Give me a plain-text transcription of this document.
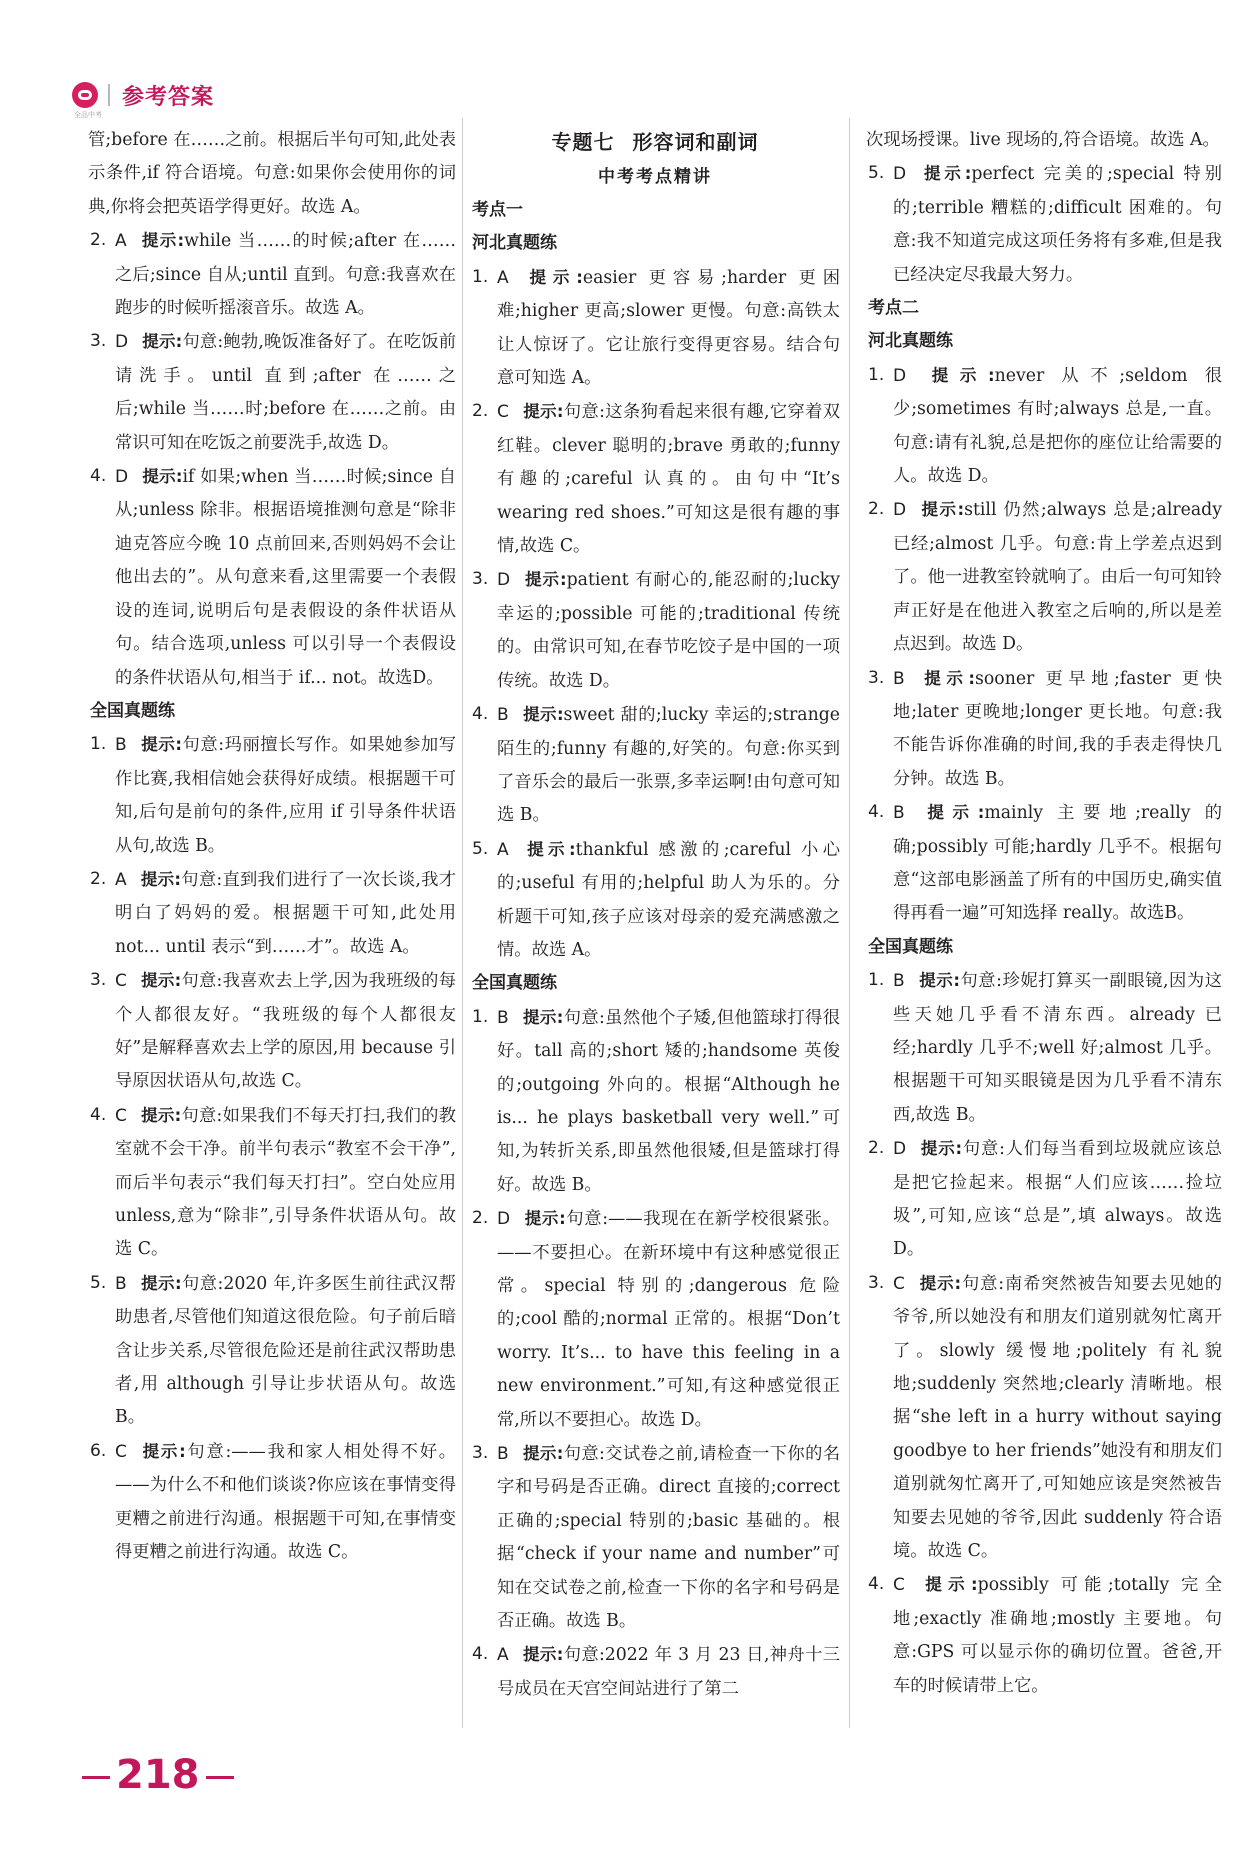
全品中考
参考答案
管;before 在……之前。根据后半句可知,此处表示条件,if 符合语境。句意:如果你会使用你的词典,你将会把英语学得更好。故选 A。
2. A 提示:while 当……的时候;after 在……之后;since 自从;until 直到。句意:我喜欢在跑步的时候听摇滚音乐。故选 A。
3. D 提示:句意:鲍勃,晚饭准备好了。在吃饭前请洗手。until 直到;after 在……之后;while 当……时;before 在……之前。由常识可知在吃饭之前要洗手,故选 D。
4. D 提示:if 如果;when 当……时候;since 自从;unless 除非。根据语境推测句意是“除非迪克答应今晚 10 点前回来,否则妈妈不会让他出去的”。从句意来看,这里需要一个表假设的连词,说明后句是表假设的条件状语从句。结合选项,unless 可以引导一个表假设的条件状语从句,相当于 if... not。故选D。
全国真题练
1. B 提示:句意:玛丽擅长写作。如果她参加写作比赛,我相信她会获得好成绩。根据题干可知,后句是前句的条件,应用 if 引导条件状语从句,故选 B。
2. A 提示:句意:直到我们进行了一次长谈,我才明白了妈妈的爱。根据题干可知,此处用 not... until 表示“到……才”。故选 A。
3. C 提示:句意:我喜欢去上学,因为我班级的每个人都很友好。“我班级的每个人都很友好”是解释喜欢去上学的原因,用 because 引导原因状语从句,故选 C。
4. C 提示:句意:如果我们不每天打扫,我们的教室就不会干净。前半句表示“教室不会干净”,而后半句表示“我们每天打扫”。空白处应用 unless,意为“除非”,引导条件状语从句。故选 C。
5. B 提示:句意:2020 年,许多医生前往武汉帮助患者,尽管他们知道这很危险。句子前后暗含让步关系,尽管很危险还是前往武汉帮助患者,用 although 引导让步状语从句。故选 B。
6. C 提示:句意:——我和家人相处得不好。——为什么不和他们谈谈?你应该在事情变得更糟之前进行沟通。根据题干可知,在事情变得更糟之前进行沟通。故选 C。
专题七 形容词和副词
中考考点精讲
考点一
河北真题练
1. A 提示:easier 更容易;harder 更困难;higher 更高;slower 更慢。句意:高铁太让人惊讶了。它让旅行变得更容易。结合句意可知选 A。
2. C 提示:句意:这条狗看起来很有趣,它穿着双红鞋。clever 聪明的;brave 勇敢的;funny 有趣的;careful 认真的。由句中“It’s wearing red shoes.”可知这是很有趣的事情,故选 C。
3. D 提示:patient 有耐心的,能忍耐的;lucky 幸运的;possible 可能的;traditional 传统的。由常识可知,在春节吃饺子是中国的一项传统。故选 D。
4. B 提示:sweet 甜的;lucky 幸运的;strange 陌生的;funny 有趣的,好笑的。句意:你买到了音乐会的最后一张票,多幸运啊!由句意可知选 B。
5. A 提示:thankful 感激的;careful 小心的;useful 有用的;helpful 助人为乐的。分析题干可知,孩子应该对母亲的爱充满感激之情。故选 A。
全国真题练
1. B 提示:句意:虽然他个子矮,但他篮球打得很好。tall 高的;short 矮的;handsome 英俊的;outgoing 外向的。根据“Although he is... he plays basketball very well.”可知,为转折关系,即虽然他很矮,但是篮球打得好。故选 B。
2. D 提示:句意:——我现在在新学校很紧张。——不要担心。在新环境中有这种感觉很正常。special 特别的;dangerous 危险的;cool 酷的;normal 正常的。根据“Don’t worry. It’s... to have this feeling in a new environment.”可知,有这种感觉很正常,所以不要担心。故选 D。
3. B 提示:句意:交试卷之前,请检查一下你的名字和号码是否正确。direct 直接的;correct 正确的;special 特别的;basic 基础的。根据“check if your name and number”可知在交试卷之前,检查一下你的名字和号码是否正确。故选 B。
4. A 提示:句意:2022 年 3 月 23 日,神舟十三号成员在天宫空间站进行了第二
次现场授课。live 现场的,符合语境。故选 A。
5. D 提示:perfect 完美的;special 特别的;terrible 糟糕的;difficult 困难的。句意:我不知道完成这项任务将有多难,但是我已经决定尽我最大努力。
考点二
河北真题练
1. D 提示:never 从不;seldom 很少;sometimes 有时;always 总是,一直。句意:请有礼貌,总是把你的座位让给需要的人。故选 D。
2. D 提示:still 仍然;always 总是;already 已经;almost 几乎。句意:肯上学差点迟到了。他一进教室铃就响了。由后一句可知铃声正好是在他进入教室之后响的,所以是差点迟到。故选 D。
3. B 提示:sooner 更早地;faster 更快地;later 更晚地;longer 更长地。句意:我不能告诉你准确的时间,我的手表走得快几分钟。故选 B。
4. B 提示:mainly 主要地;really 的确;possibly 可能;hardly 几乎不。根据句意“这部电影涵盖了所有的中国历史,确实值得再看一遍”可知选择 really。故选B。
全国真题练
1. B 提示:句意:珍妮打算买一副眼镜,因为这些天她几乎看不清东西。already 已经;hardly 几乎不;well 好;almost 几乎。根据题干可知买眼镜是因为几乎看不清东西,故选 B。
2. D 提示:句意:人们每当看到垃圾就应该总是把它捡起来。根据“人们应该……捡垃圾”,可知,应该“总是”,填 always。故选 D。
3. C 提示:句意:南希突然被告知要去见她的爷爷,所以她没有和朋友们道别就匆忙离开了。slowly 缓慢地;politely 有礼貌地;suddenly 突然地;clearly 清晰地。根据“she left in a hurry without saying goodbye to her friends”她没有和朋友们道别就匆忙离开了,可知她应该是突然被告知要去见她的爷爷,因此 suddenly 符合语境。故选 C。
4. C 提示:possibly 可能;totally 完全地;exactly 准确地;mostly 主要地。句意:GPS 可以显示你的确切位置。爸爸,开车的时候请带上它。
218
